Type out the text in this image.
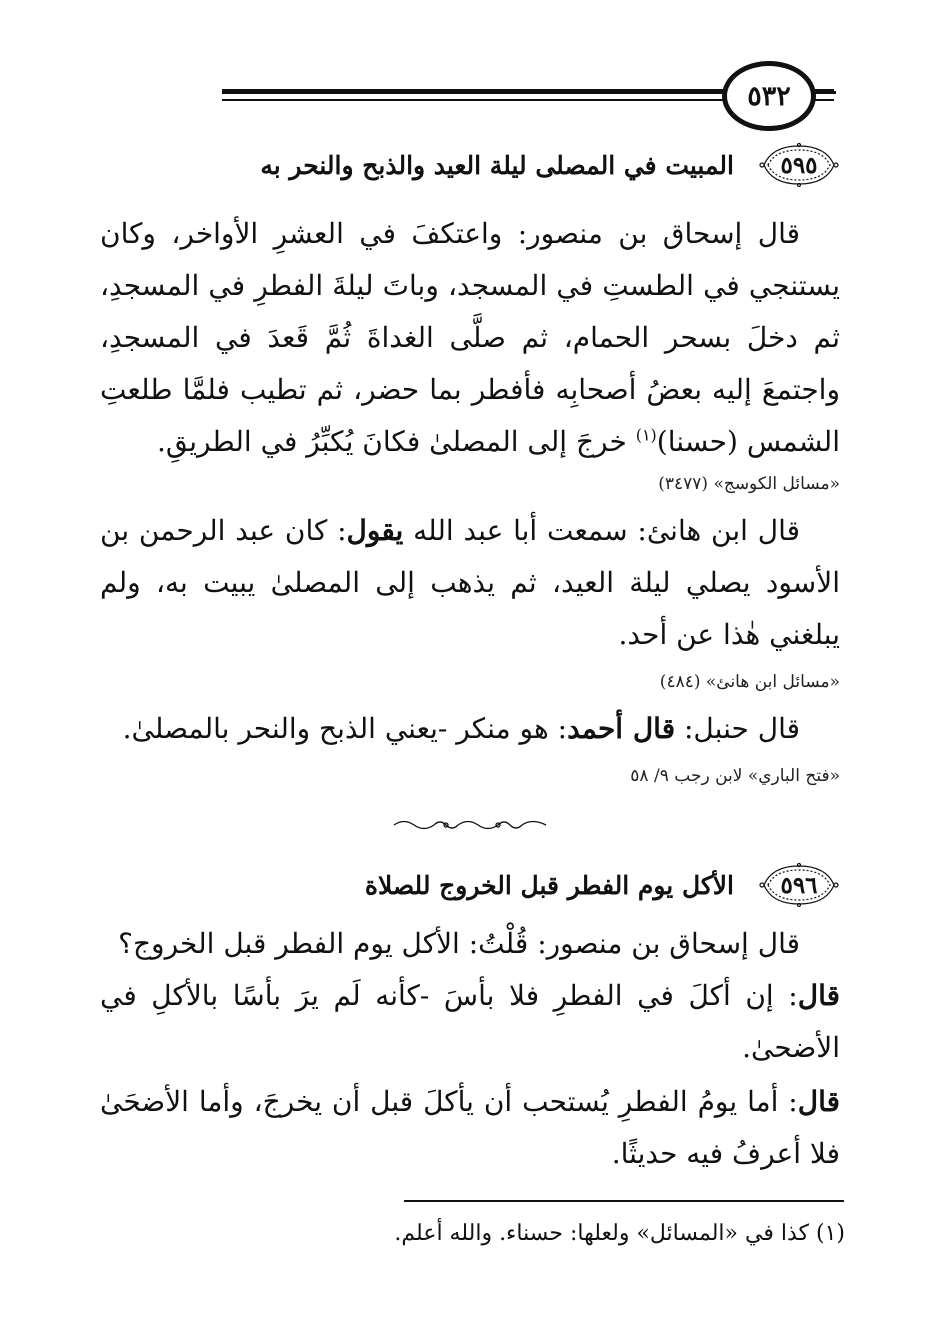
٥٣٢
٥٩٥
المبيت في المصلى ليلة العيد والذبح والنحر به

قال إسحاق بن منصور: واعتكفَ في العشرِ الأواخر، وكان يستنجي في الطستِ في المسجد، وباتَ ليلةَ الفطرِ في المسجدِ، ثم دخلَ بسحر الحمام، ثم صلَّى الغداةَ ثُمَّ قَعدَ في المسجدِ، واجتمعَ إليه بعضُ أصحابِه فأفطر بما حضر، ثم تطيب فلمَّا طلعتِ الشمس (حسنا)$^{(١)}$ خرجَ إلى المصلىٰ فكانَ يُكبِّرُ في الطريقِ.

«مسائل الكوسج» (٣٤٧٧)

قال ابن هانئ: سمعت أبا عبد الله يقول: كان عبد الرحمن بن الأسود يصلي ليلة العيد، ثم يذهب إلى المصلىٰ يبيت به، ولم يبلغني هٰذا عن أحد.

«مسائل ابن هانئ» (٤٨٤)

قال حنبل: قال أحمد: هو منكر -يعني الذبح والنحر بالمصلىٰ.

«فتح الباري» لابن رجب ٩/ ٥٨
٥٩٦
الأكل يوم الفطر قبل الخروج للصلاة

قال إسحاق بن منصور: قُلْتُ: الأكل يوم الفطر قبل الخروج؟

قال: إن أكلَ في الفطرِ فلا بأسَ -كأنه لَم يرَ بأسًا بالأكلِ في الأضحىٰ.

قال: أما يومُ الفطرِ يُستحب أن يأكلَ قبل أن يخرجَ، وأما الأضحَىٰ فلا أعرفُ فيه حديثًا.

(١) كذا في «المسائل» ولعلها: حسناء. والله أعلم.
